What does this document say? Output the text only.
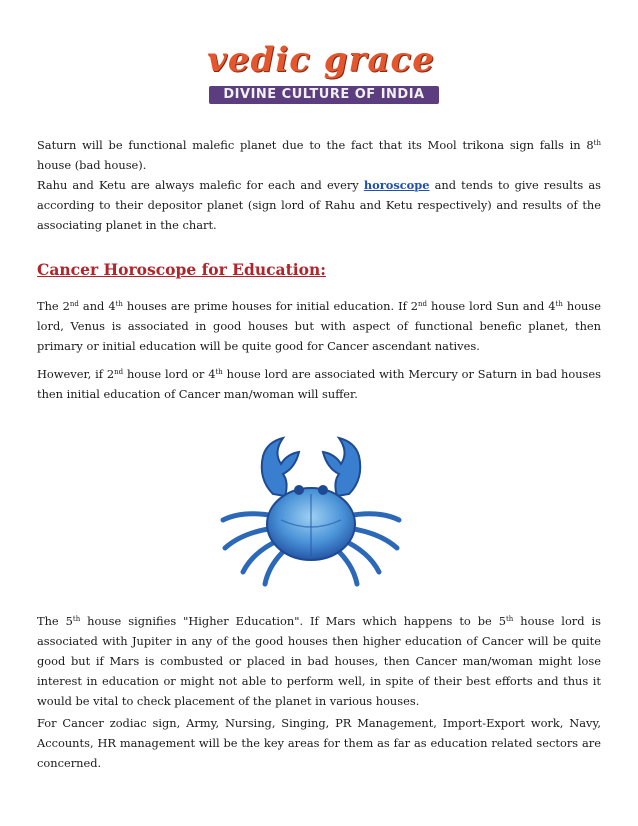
vedic grace
DIVINE CULTURE OF INDIA

Saturn will be functional malefic planet due to the fact that its Mool trikona sign falls in 8th house (bad house).

Rahu and Ketu are always malefic for each and every horoscope and tends to give results as according to their depositor planet (sign lord of Rahu and Ketu respectively) and results of the associating planet in the chart.

Cancer Horoscope for Education:

The 2nd and 4th houses are prime houses for initial education. If 2nd house lord Sun and 4th house lord, Venus is associated in good houses but with aspect of functional benefic planet, then primary or initial education will be quite good for Cancer ascendant natives.

However, if 2nd house lord or 4th house lord are associated with Mercury or Saturn in bad houses then initial education of Cancer man/woman will suffer.

The 5th house signifies "Higher Education". If Mars which happens to be 5th house lord is associated with Jupiter in any of the good houses then higher education of Cancer will be quite good but if Mars is combusted or placed in bad houses, then Cancer man/woman might lose interest in education or might not able to perform well, in spite of their best efforts and thus it would be vital to check placement of the planet in various houses.

For Cancer zodiac sign, Army, Nursing, Singing, PR Management, Import-Export work, Navy, Accounts, HR management will be the key areas for them as far as education related sectors are concerned.
